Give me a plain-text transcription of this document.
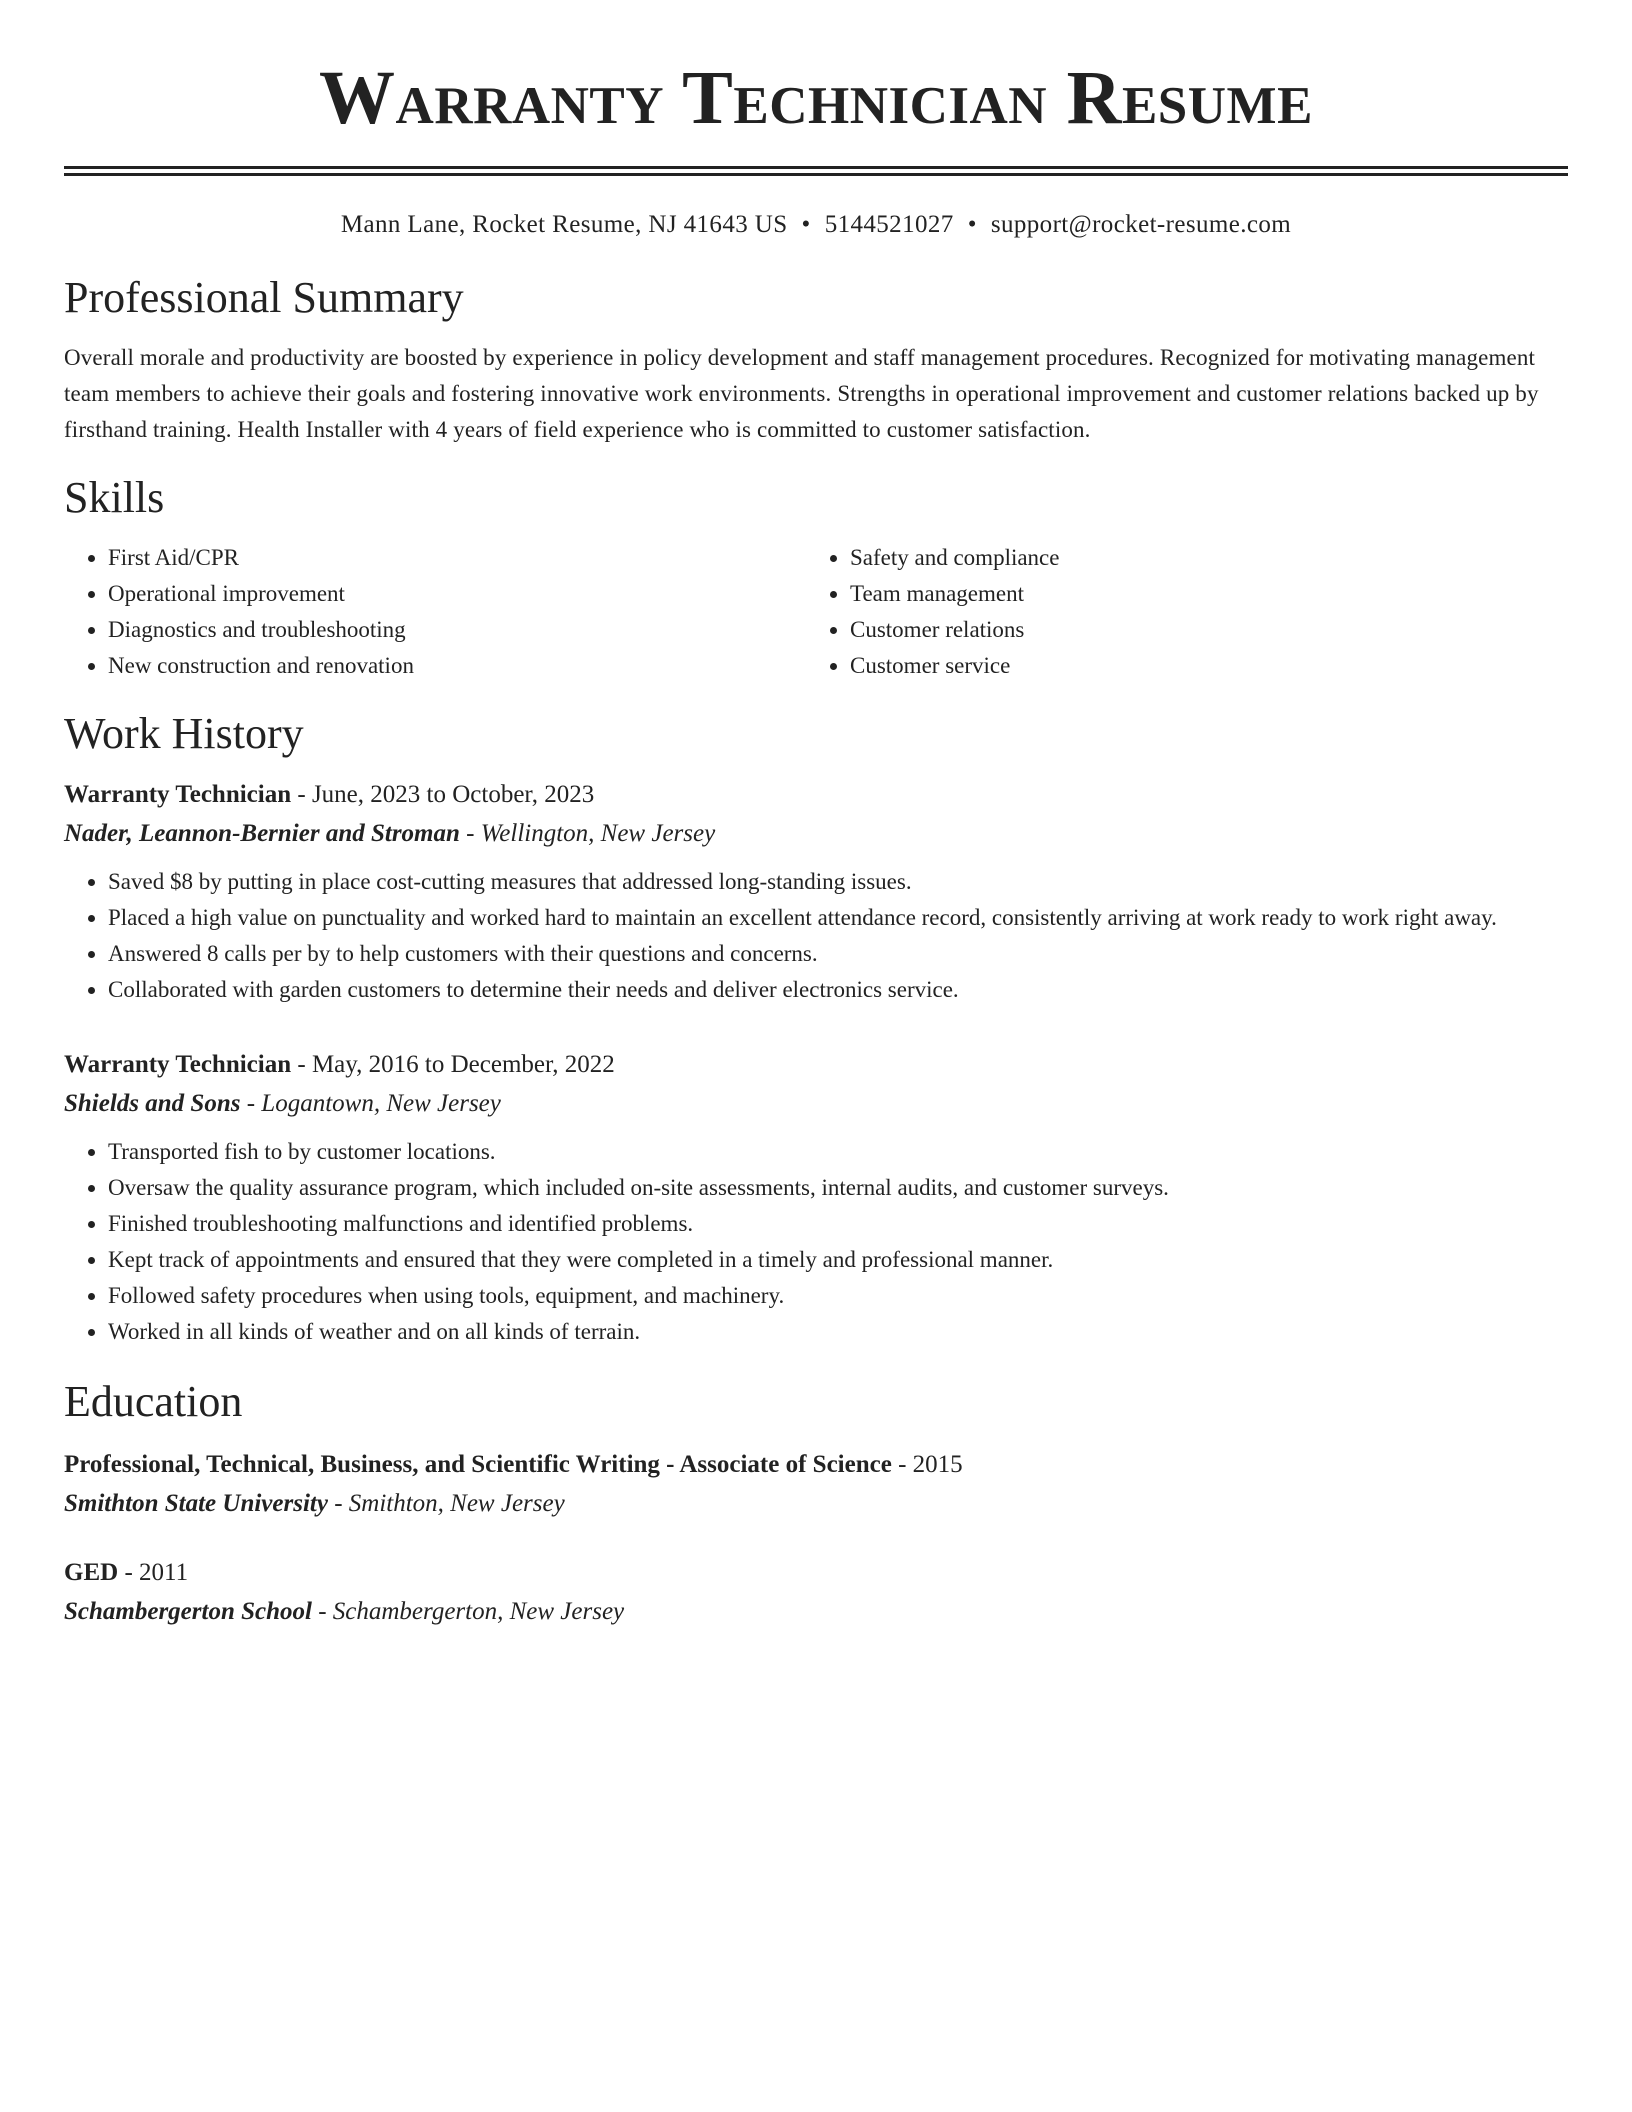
Warranty Technician Resume
Mann Lane, Rocket Resume, NJ 41643 US • 5144521027 • support@rocket-resume.com
Professional Summary
Overall morale and productivity are boosted by experience in policy development and staff management procedures. Recognized for motivating management team members to achieve their goals and fostering innovative work environments. Strengths in operational improvement and customer relations backed up by firsthand training. Health Installer with 4 years of field experience who is committed to customer satisfaction.
Skills
• First Aid/CPR
• Operational improvement
• Diagnostics and troubleshooting
• New construction and renovation
• Safety and compliance
• Team management
• Customer relations
• Customer service
Work History
Warranty Technician - June, 2023 to October, 2023
Nader, Leannon-Bernier and Stroman - Wellington, New Jersey
• Saved $8 by putting in place cost-cutting measures that addressed long-standing issues.
• Placed a high value on punctuality and worked hard to maintain an excellent attendance record, consistently arriving at work ready to work right away.
• Answered 8 calls per by to help customers with their questions and concerns.
• Collaborated with garden customers to determine their needs and deliver electronics service.
Warranty Technician - May, 2016 to December, 2022
Shields and Sons - Logantown, New Jersey
• Transported fish to by customer locations.
• Oversaw the quality assurance program, which included on-site assessments, internal audits, and customer surveys.
• Finished troubleshooting malfunctions and identified problems.
• Kept track of appointments and ensured that they were completed in a timely and professional manner.
• Followed safety procedures when using tools, equipment, and machinery.
• Worked in all kinds of weather and on all kinds of terrain.
Education
Professional, Technical, Business, and Scientific Writing - Associate of Science - 2015
Smithton State University - Smithton, New Jersey
GED - 2011
Schambergerton School - Schambergerton, New Jersey
